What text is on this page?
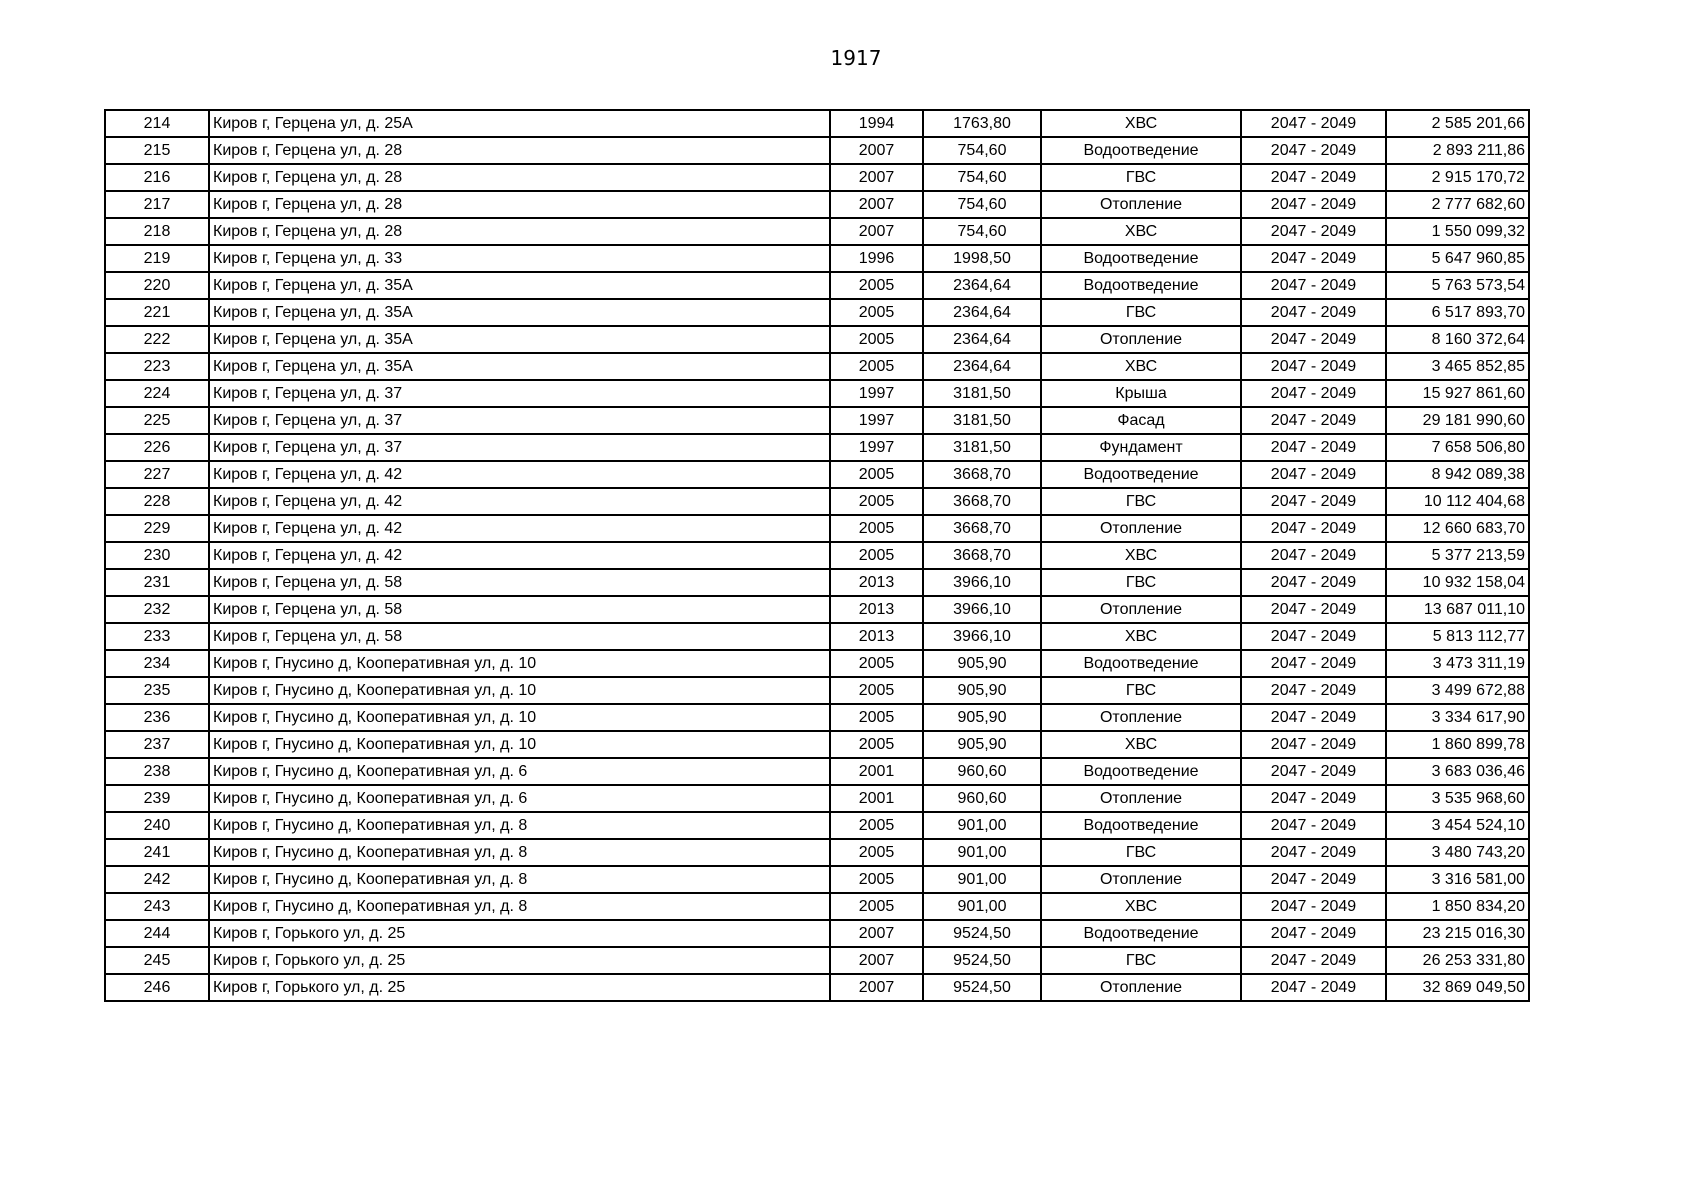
1917
214	Киров г, Герцена ул, д. 25А	1994	1763,80	ХВС	2047 - 2049	2 585 201,66
215	Киров г, Герцена ул, д. 28	2007	754,60	Водоотведение	2047 - 2049	2 893 211,86
216	Киров г, Герцена ул, д. 28	2007	754,60	ГВС	2047 - 2049	2 915 170,72
217	Киров г, Герцена ул, д. 28	2007	754,60	Отопление	2047 - 2049	2 777 682,60
218	Киров г, Герцена ул, д. 28	2007	754,60	ХВС	2047 - 2049	1 550 099,32
219	Киров г, Герцена ул, д. 33	1996	1998,50	Водоотведение	2047 - 2049	5 647 960,85
220	Киров г, Герцена ул, д. 35А	2005	2364,64	Водоотведение	2047 - 2049	5 763 573,54
221	Киров г, Герцена ул, д. 35А	2005	2364,64	ГВС	2047 - 2049	6 517 893,70
222	Киров г, Герцена ул, д. 35А	2005	2364,64	Отопление	2047 - 2049	8 160 372,64
223	Киров г, Герцена ул, д. 35А	2005	2364,64	ХВС	2047 - 2049	3 465 852,85
224	Киров г, Герцена ул, д. 37	1997	3181,50	Крыша	2047 - 2049	15 927 861,60
225	Киров г, Герцена ул, д. 37	1997	3181,50	Фасад	2047 - 2049	29 181 990,60
226	Киров г, Герцена ул, д. 37	1997	3181,50	Фундамент	2047 - 2049	7 658 506,80
227	Киров г, Герцена ул, д. 42	2005	3668,70	Водоотведение	2047 - 2049	8 942 089,38
228	Киров г, Герцена ул, д. 42	2005	3668,70	ГВС	2047 - 2049	10 112 404,68
229	Киров г, Герцена ул, д. 42	2005	3668,70	Отопление	2047 - 2049	12 660 683,70
230	Киров г, Герцена ул, д. 42	2005	3668,70	ХВС	2047 - 2049	5 377 213,59
231	Киров г, Герцена ул, д. 58	2013	3966,10	ГВС	2047 - 2049	10 932 158,04
232	Киров г, Герцена ул, д. 58	2013	3966,10	Отопление	2047 - 2049	13 687 011,10
233	Киров г, Герцена ул, д. 58	2013	3966,10	ХВС	2047 - 2049	5 813 112,77
234	Киров г, Гнусино д, Кооперативная ул, д. 10	2005	905,90	Водоотведение	2047 - 2049	3 473 311,19
235	Киров г, Гнусино д, Кооперативная ул, д. 10	2005	905,90	ГВС	2047 - 2049	3 499 672,88
236	Киров г, Гнусино д, Кооперативная ул, д. 10	2005	905,90	Отопление	2047 - 2049	3 334 617,90
237	Киров г, Гнусино д, Кооперативная ул, д. 10	2005	905,90	ХВС	2047 - 2049	1 860 899,78
238	Киров г, Гнусино д, Кооперативная ул, д. 6	2001	960,60	Водоотведение	2047 - 2049	3 683 036,46
239	Киров г, Гнусино д, Кооперативная ул, д. 6	2001	960,60	Отопление	2047 - 2049	3 535 968,60
240	Киров г, Гнусино д, Кооперативная ул, д. 8	2005	901,00	Водоотведение	2047 - 2049	3 454 524,10
241	Киров г, Гнусино д, Кооперативная ул, д. 8	2005	901,00	ГВС	2047 - 2049	3 480 743,20
242	Киров г, Гнусино д, Кооперативная ул, д. 8	2005	901,00	Отопление	2047 - 2049	3 316 581,00
243	Киров г, Гнусино д, Кооперативная ул, д. 8	2005	901,00	ХВС	2047 - 2049	1 850 834,20
244	Киров г, Горького ул, д. 25	2007	9524,50	Водоотведение	2047 - 2049	23 215 016,30
245	Киров г, Горького ул, д. 25	2007	9524,50	ГВС	2047 - 2049	26 253 331,80
246	Киров г, Горького ул, д. 25	2007	9524,50	Отопление	2047 - 2049	32 869 049,50
